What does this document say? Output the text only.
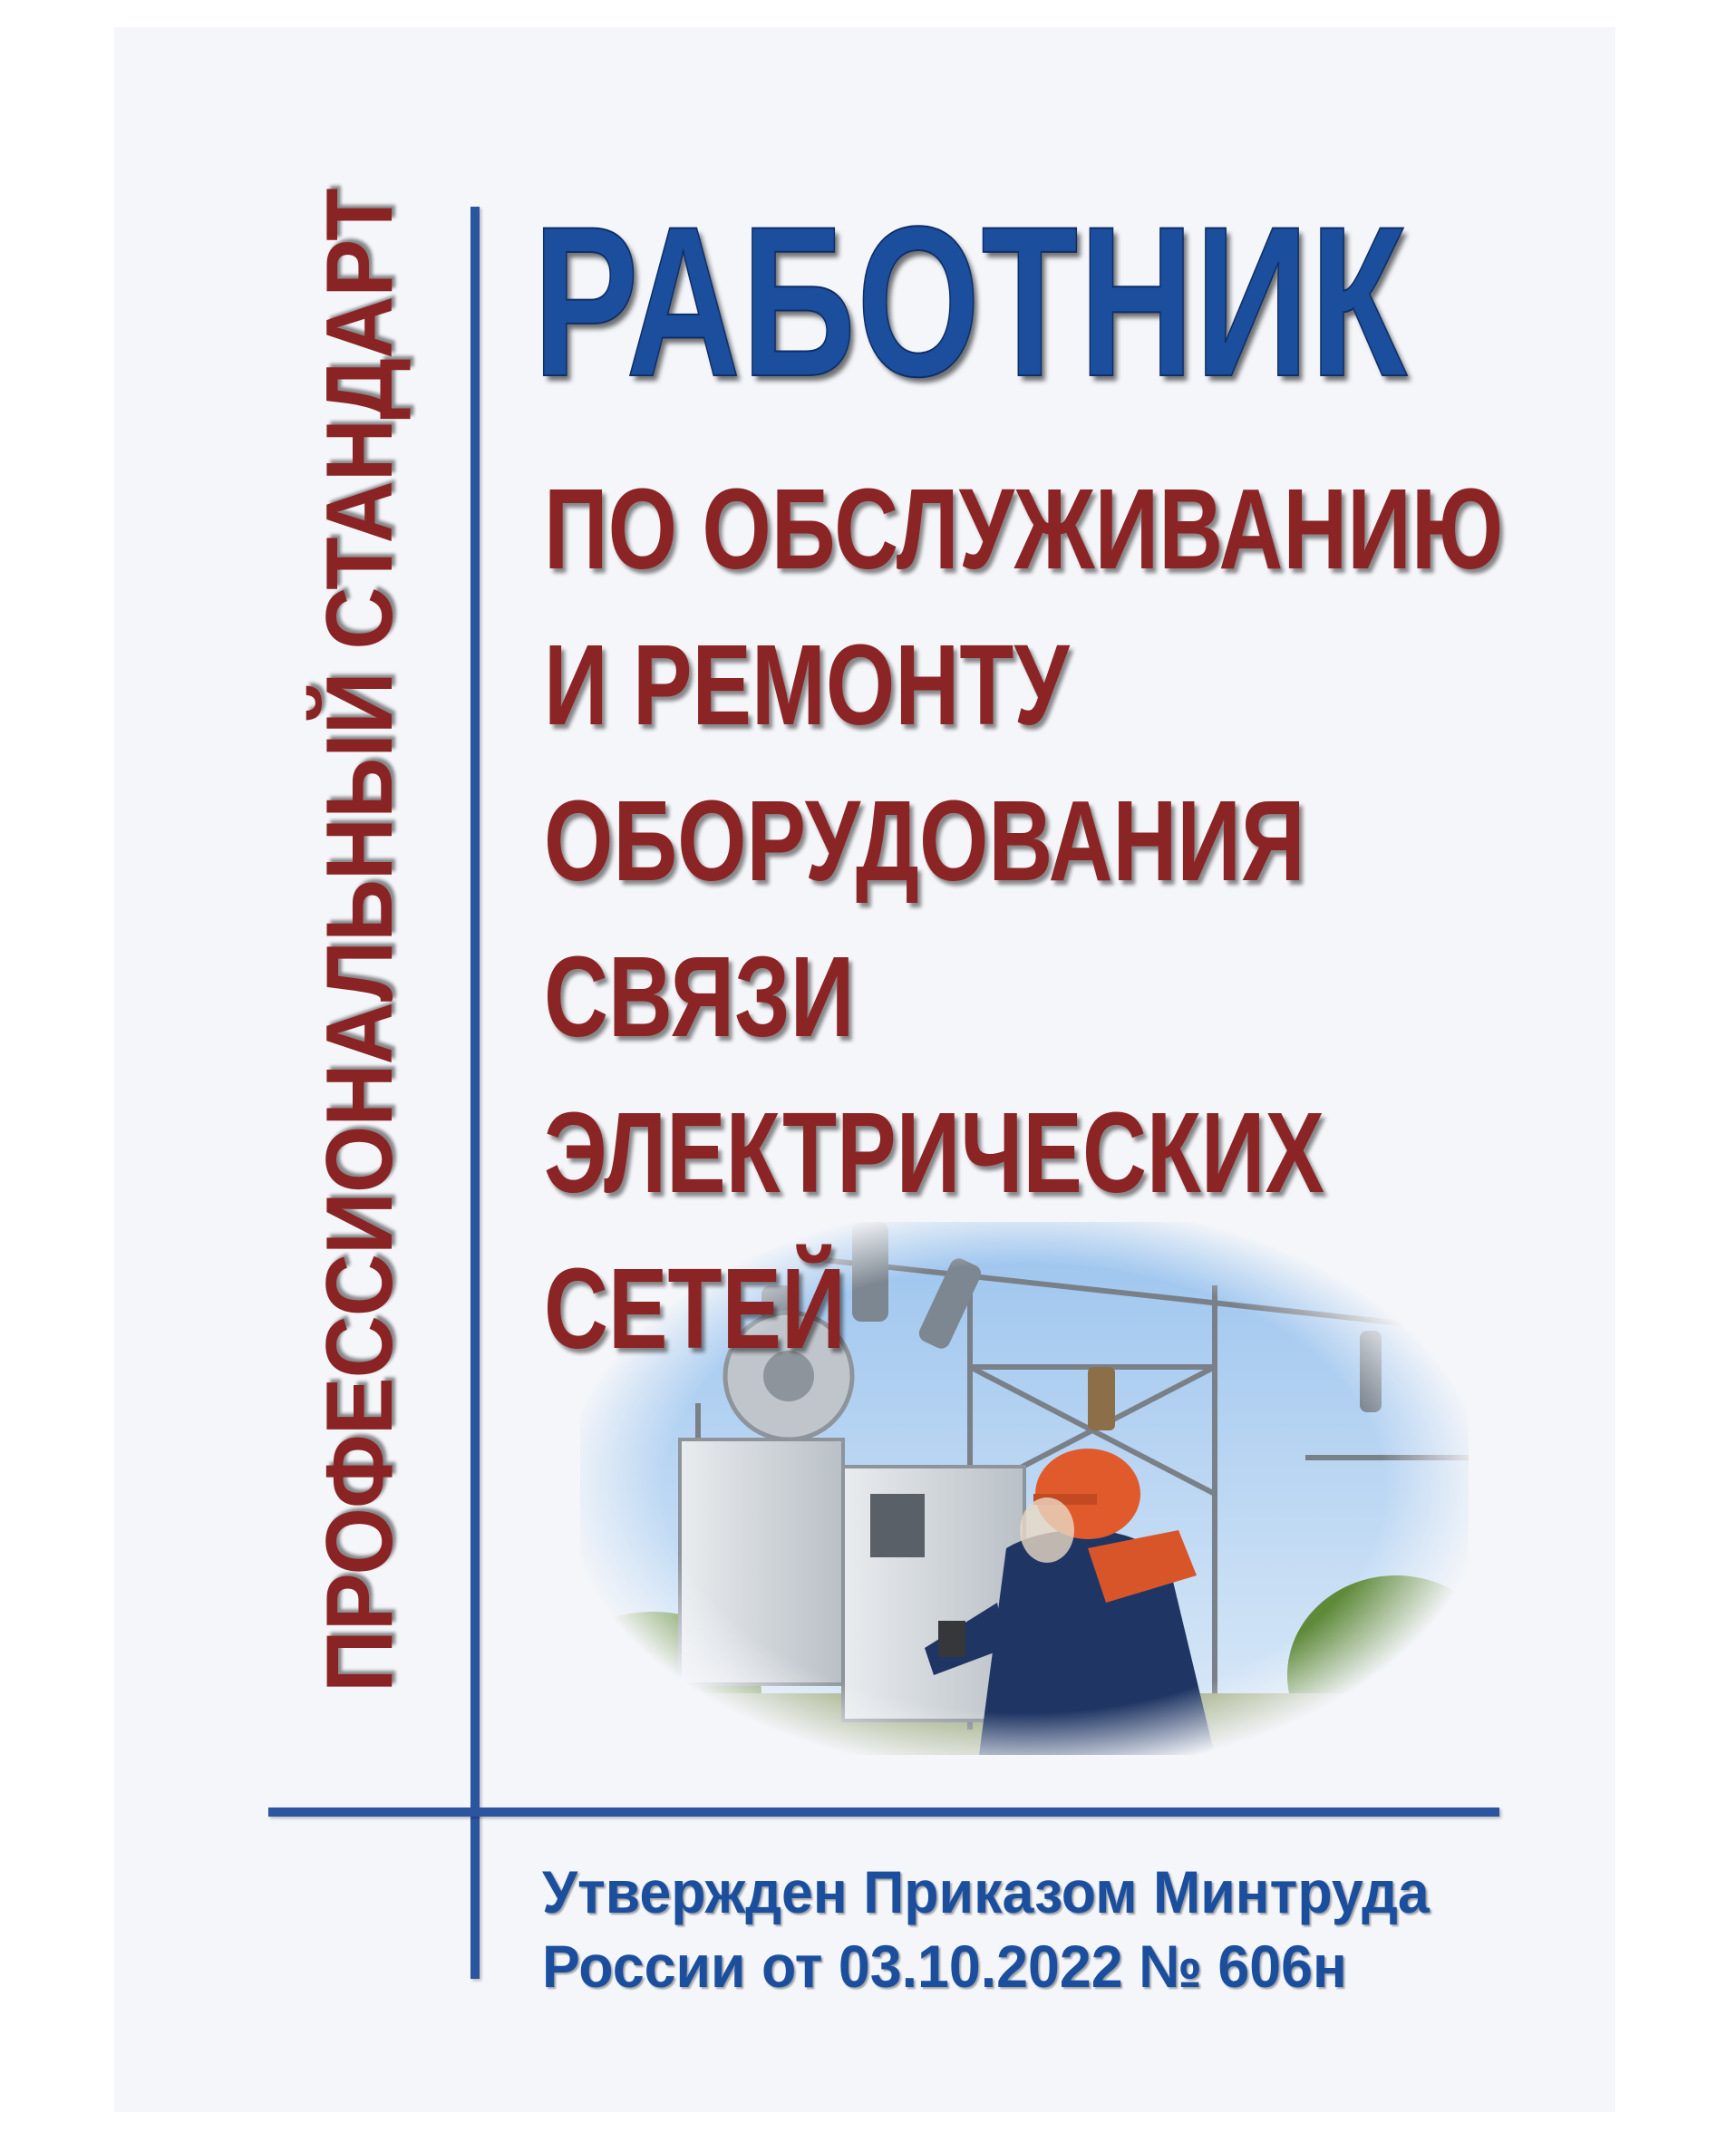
ПРОФЕССИОНАЛЬНЫЙ СТАНДАРТ РАБОТНИК
ПО ОБСЛУЖИВАНИЮ
И РЕМОНТУ
ОБОРУДОВАНИЯ
СВЯЗИ
ЭЛЕКТРИЧЕСКИХ
СЕТЕЙ
Утвержден Приказом Минтруда
России от 03.10.2022 № 606н
